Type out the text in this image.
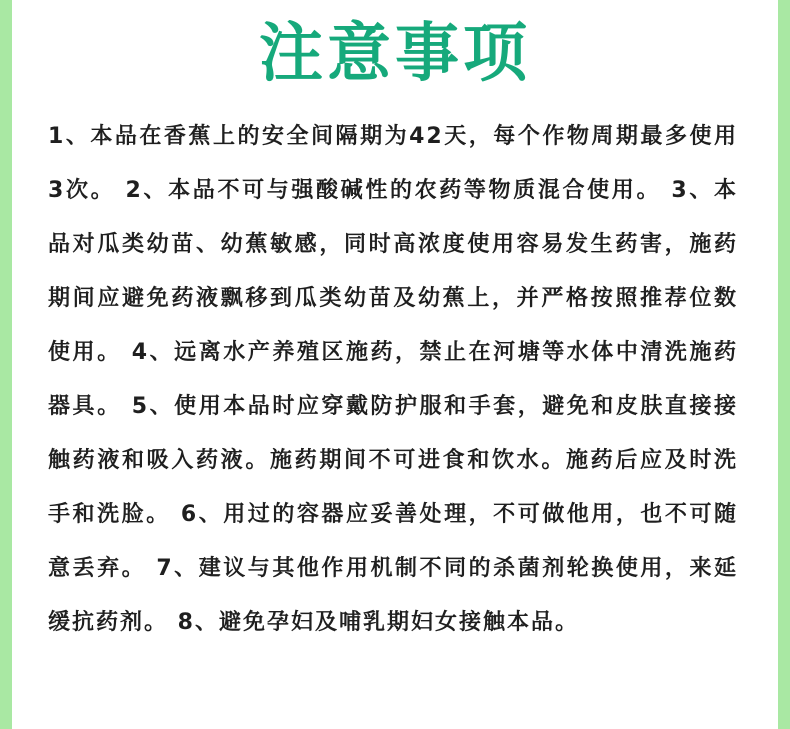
注意事项

1、本品在香蕉上的安全间隔期为42天，每个作物周期最多使用3次。 2、本品不可与强酸碱性的农药等物质混合使用。 3、本品对瓜类幼苗、幼蕉敏感，同时高浓度使用容易发生药害，施药期间应避免药液飘移到瓜类幼苗及幼蕉上，并严格按照推荐位数使用。 4、远离水产养殖区施药，禁止在河塘等水体中清洗施药器具。 5、使用本品时应穿戴防护服和手套，避免和皮肤直接接触药液和吸入药液。施药期间不可进食和饮水。施药后应及时洗手和洗脸。 6、用过的容器应妥善处理，不可做他用，也不可随意丢弃。 7、建议与其他作用机制不同的杀菌剂轮换使用，来延缓抗药剂。 8、避免孕妇及哺乳期妇女接触本品。
